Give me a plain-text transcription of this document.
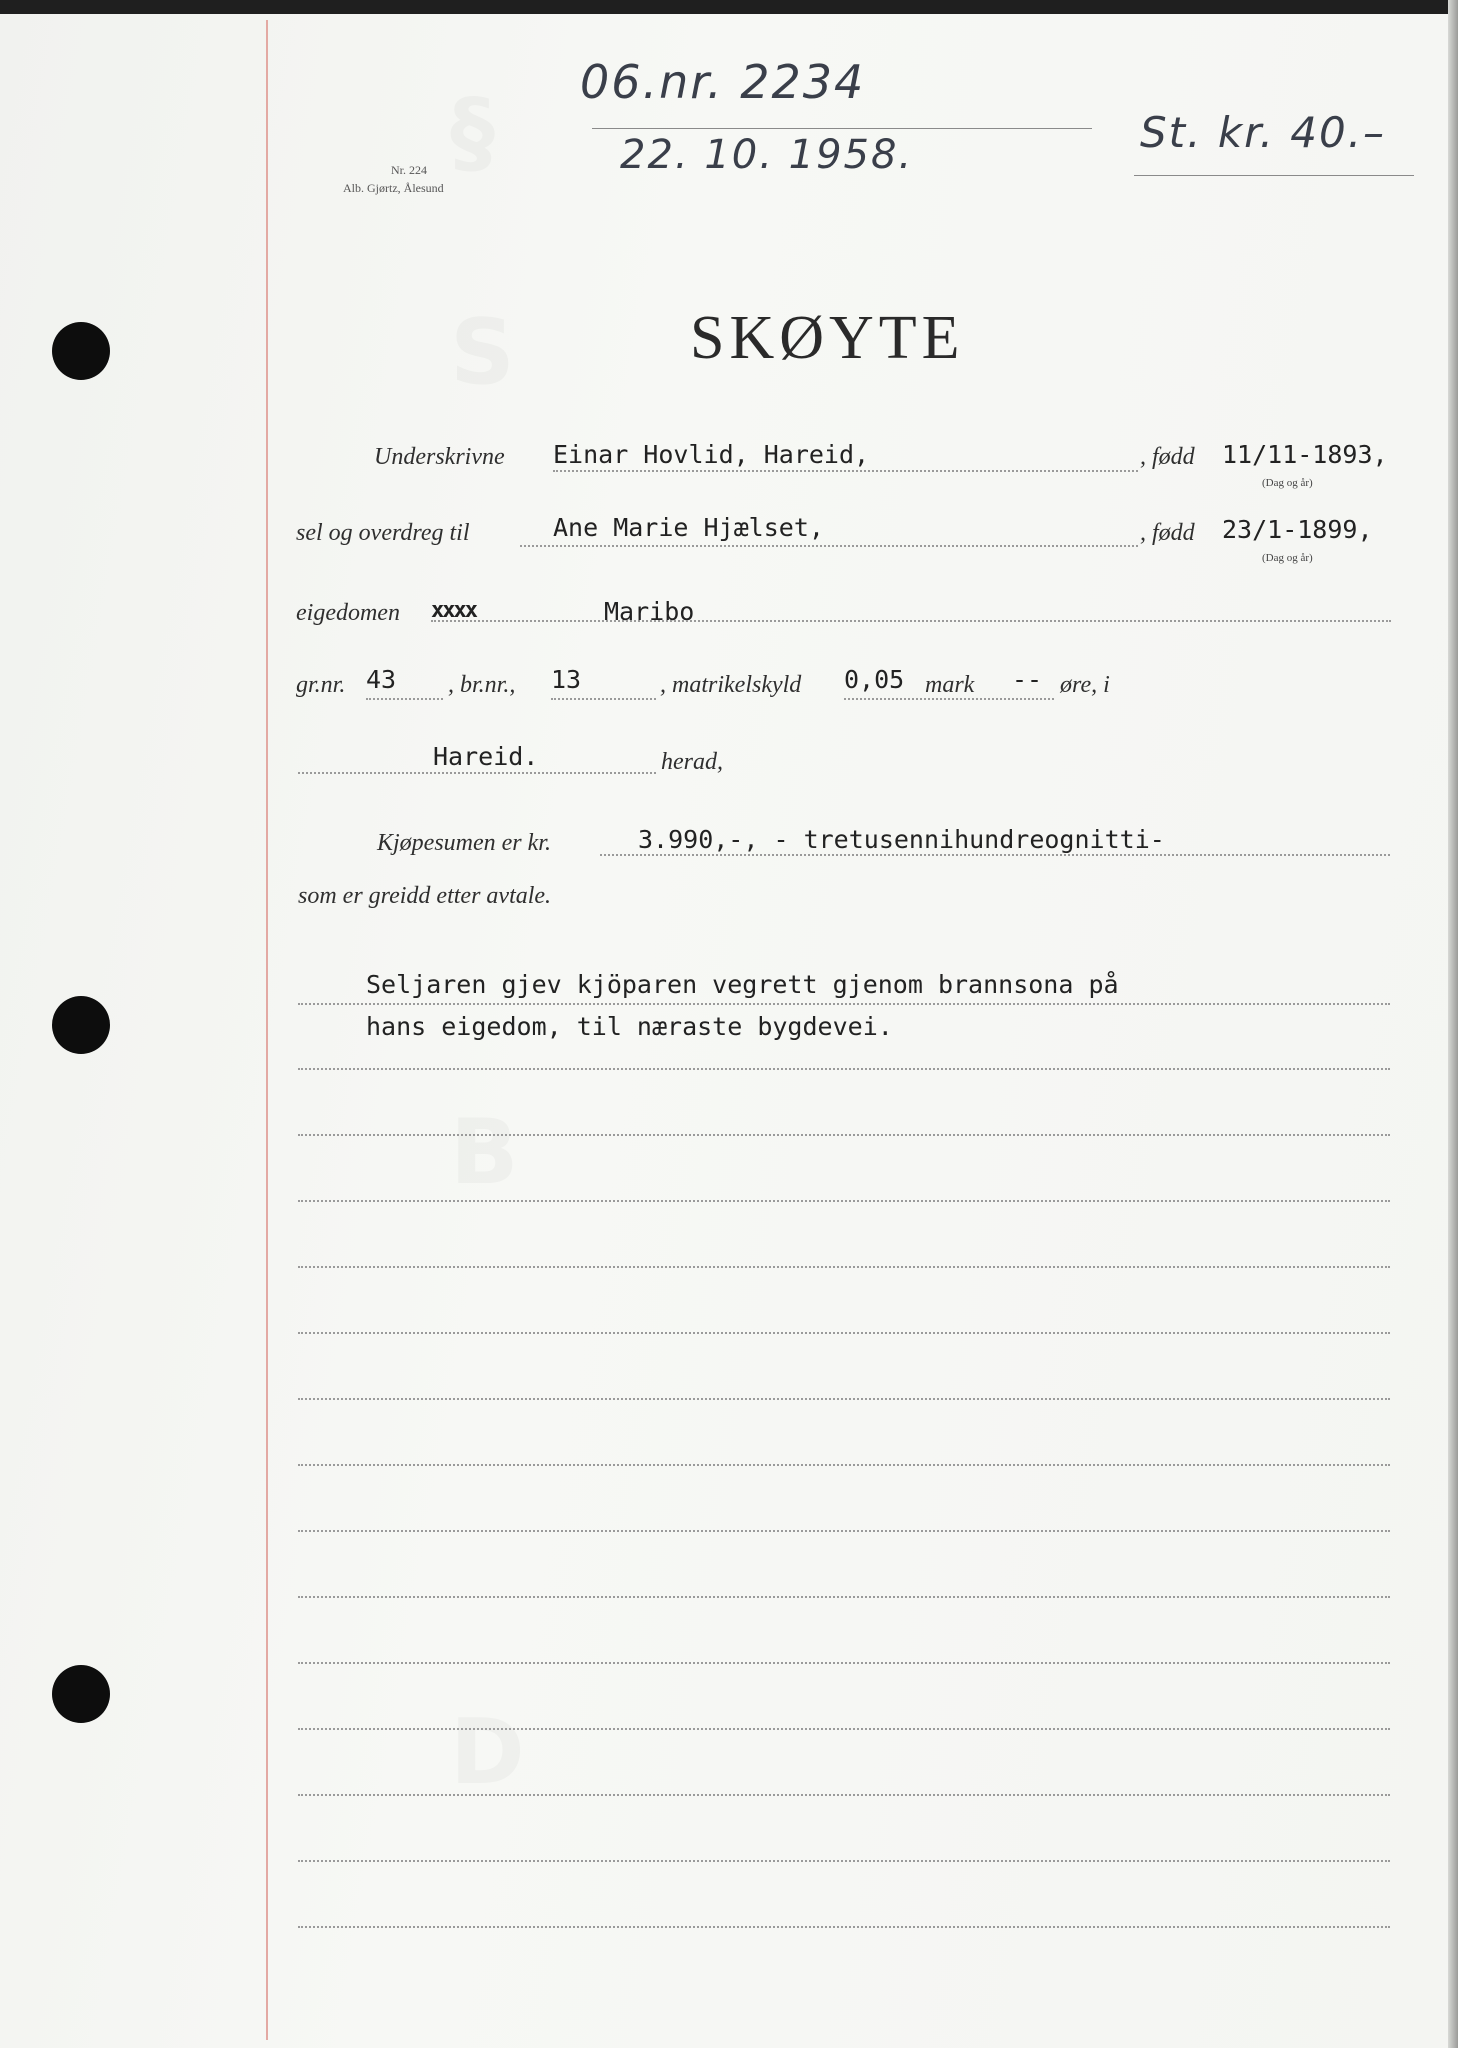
§
S
B
D
06.nr. 2234
22. 10. 1958.	St. kr. 40.–
Nr. 224
Alb. Gjørtz, Ålesund
SKØYTE
Underskrivne Einar Hovlid, Hareid,	, fødd 11/11-1893,
(Dag og år)
sel og overdreg til	Ane Marie Hjælset,	, fødd 23/1-1899,
(Dag og år)
eigedomen xxxx	Maribo
gr.nr. 43 , br.nr., 13	, matrikelskyld 0,05 mark -- øre, i
Hareid.	herad,
Kjøpesumen er kr.	3.990,-, - tretusennihundreognitti-
som er greidd etter avtale.
Seljaren gjev kjöparen vegrett gjenom brannsona på
hans eigedom, til næraste bygdevei.
